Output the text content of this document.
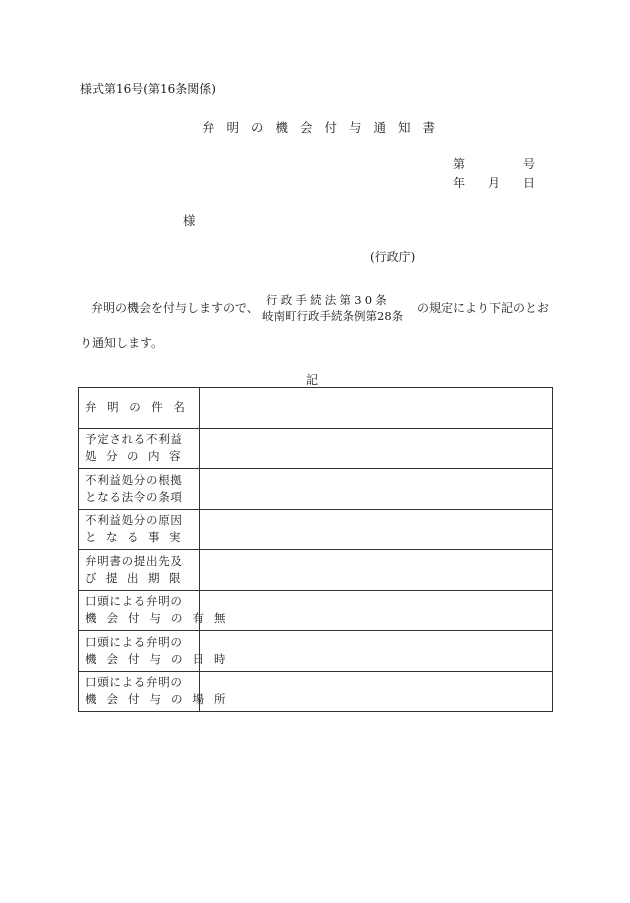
様式第16号(第16条関係)
弁明の機会付与通知書
第	号
年 月 日
様
(行政庁)
弁明の機会を付与しますので、
行政手続法第30条
岐南町行政手続条例第28条
の規定により下記のとお
り通知します。
記
弁明の件名	

予定される不利益
処分の内容	

不利益処分の根拠
となる法令の条項	

不利益処分の原因
となる事実	

弁明書の提出先及
び提出期限	

口頭による弁明の
機会付与の有無	

口頭による弁明の
機会付与の日時	

口頭による弁明の
機会付与の場所	
